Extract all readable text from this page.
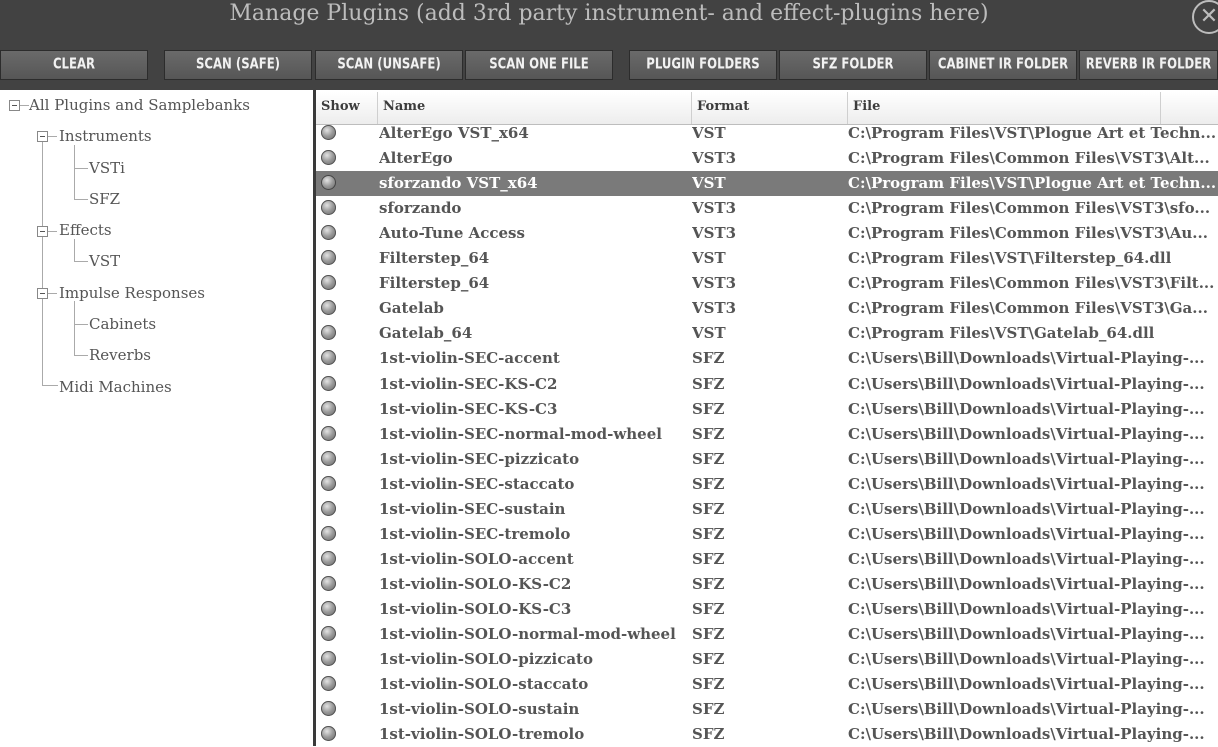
Manage Plugins (add 3rd party instrument- and effect-plugins here)	✕
CLEAR	SCAN (SAFE)	SCAN (UNSAFE)	SCAN ONE FILE	PLUGIN FOLDERS	SFZ FOLDER	CABINET IR FOLDER	REVERB IR FOLDER
All Plugins and Samplebanks
Instruments
VSTi
SFZ
Effects
VST
Impulse Responses
Cabinets
Reverbs
Midi Machines
Show	Name	Format	File
AlterEgo VST_x64	VST	C:\Program Files\VST\Plogue Art et Techn...
AlterEgo	VST3	C:\Program Files\Common Files\VST3\Alt...
sforzando VST_x64	VST	C:\Program Files\VST\Plogue Art et Techn...
sforzando	VST3	C:\Program Files\Common Files\VST3\sfo...
Auto-Tune Access	VST3	C:\Program Files\Common Files\VST3\Au...
Filterstep_64	VST	C:\Program Files\VST\Filterstep_64.dll
Filterstep_64	VST3	C:\Program Files\Common Files\VST3\Filt...
Gatelab	VST3	C:\Program Files\Common Files\VST3\Ga...
Gatelab_64	VST	C:\Program Files\VST\Gatelab_64.dll
1st-violin-SEC-accent	SFZ	C:\Users\Bill\Downloads\Virtual-Playing-...
1st-violin-SEC-KS-C2	SFZ	C:\Users\Bill\Downloads\Virtual-Playing-...
1st-violin-SEC-KS-C3	SFZ	C:\Users\Bill\Downloads\Virtual-Playing-...
1st-violin-SEC-normal-mod-wheel	SFZ	C:\Users\Bill\Downloads\Virtual-Playing-...
1st-violin-SEC-pizzicato	SFZ	C:\Users\Bill\Downloads\Virtual-Playing-...
1st-violin-SEC-staccato	SFZ	C:\Users\Bill\Downloads\Virtual-Playing-...
1st-violin-SEC-sustain	SFZ	C:\Users\Bill\Downloads\Virtual-Playing-...
1st-violin-SEC-tremolo	SFZ	C:\Users\Bill\Downloads\Virtual-Playing-...
1st-violin-SOLO-accent	SFZ	C:\Users\Bill\Downloads\Virtual-Playing-...
1st-violin-SOLO-KS-C2	SFZ	C:\Users\Bill\Downloads\Virtual-Playing-...
1st-violin-SOLO-KS-C3	SFZ	C:\Users\Bill\Downloads\Virtual-Playing-...
1st-violin-SOLO-normal-mod-wheel	SFZ	C:\Users\Bill\Downloads\Virtual-Playing-...
1st-violin-SOLO-pizzicato	SFZ	C:\Users\Bill\Downloads\Virtual-Playing-...
1st-violin-SOLO-staccato	SFZ	C:\Users\Bill\Downloads\Virtual-Playing-...
1st-violin-SOLO-sustain	SFZ	C:\Users\Bill\Downloads\Virtual-Playing-...
1st-violin-SOLO-tremolo	SFZ	C:\Users\Bill\Downloads\Virtual-Playing-...
